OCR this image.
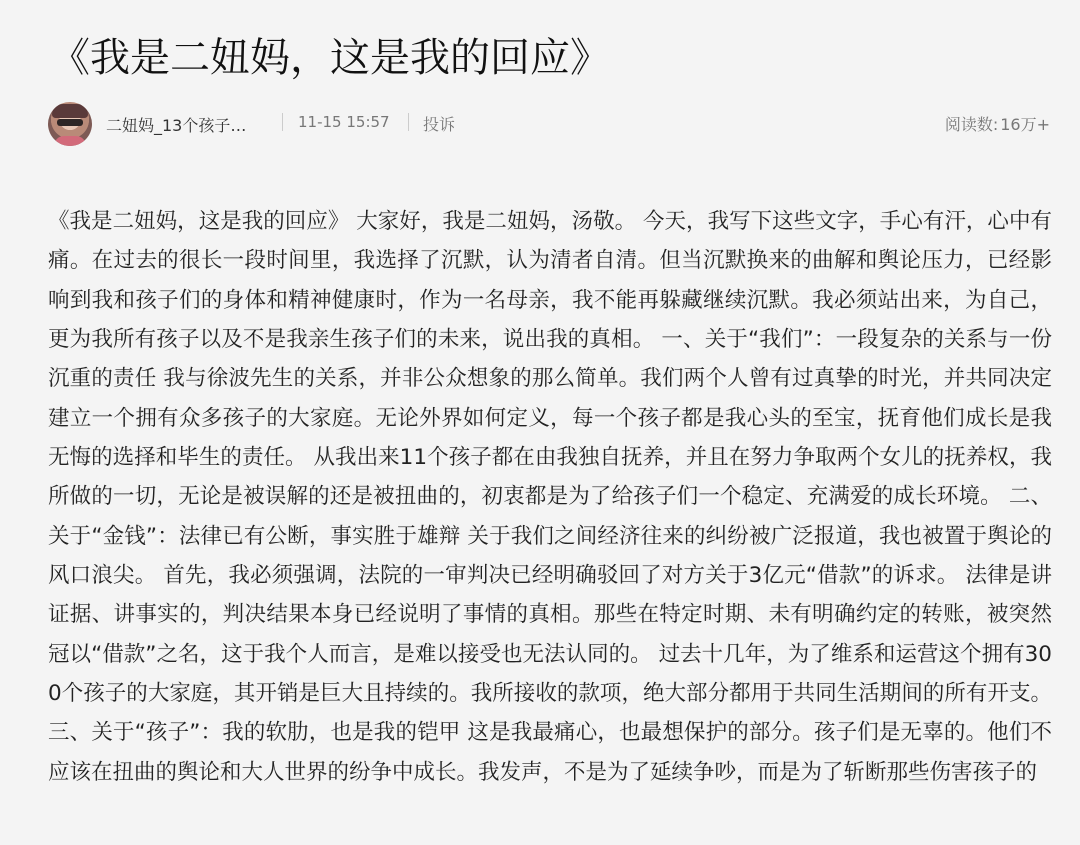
《我是二妞妈，这是我的回应》
二妞妈_13个孩子…	11-15 15:57 投诉	阅读数: 16万+

《我是二妞妈，这是我的回应》 大家好，我是二妞妈，汤敬。 今天，我写下这些文字，手心有汗，心中有痛。在过去的很长一段时间里，我选择了沉默，认为清者自清。但当沉默换来的曲解和舆论压力，已经影响到我和孩子们的身体和精神健康时，作为一名母亲，我不能再躲藏继续沉默。我必须站出来，为自己，更为我所有孩子以及不是我亲生孩子们的未来，说出我的真相。 一、关于“我们”：一段复杂的关系与一份沉重的责任 我与徐波先生的关系，并非公众想象的那么简单。我们两个人曾有过真挚的时光，并共同决定建立一个拥有众多孩子的大家庭。无论外界如何定义，每一个孩子都是我心头的至宝，抚育他们成长是我无悔的选择和毕生的责任。 从我出来11个孩子都在由我独自抚养，并且在努力争取两个女儿的抚养权，我所做的一切，无论是被误解的还是被扭曲的，初衷都是为了给孩子们一个稳定、充满爱的成长环境。 二、关于“金钱”：法律已有公断，事实胜于雄辩 关于我们之间经济往来的纠纷被广泛报道，我也被置于舆论的风口浪尖。 首先，我必须强调，法院的一审判决已经明确驳回了对方关于3亿元“借款”的诉求。 法律是讲证据、讲事实的，判决结果本身已经说明了事情的真相。那些在特定时期、未有明确约定的转账，被突然冠以“借款”之名，这于我个人而言，是难以接受也无法认同的。 过去十几年，为了维系和运营这个拥有300个孩子的大家庭，其开销是巨大且持续的。我所接收的款项，绝大部分都用于共同生活期间的所有开支。 三、关于“孩子”：我的软肋，也是我的铠甲 这是我最痛心，也最想保护的部分。孩子们是无辜的。他们不应该在扭曲的舆论和大人世界的纷争中成长。我发声，不是为了延续争吵，而是为了斩断那些伤害孩子的
